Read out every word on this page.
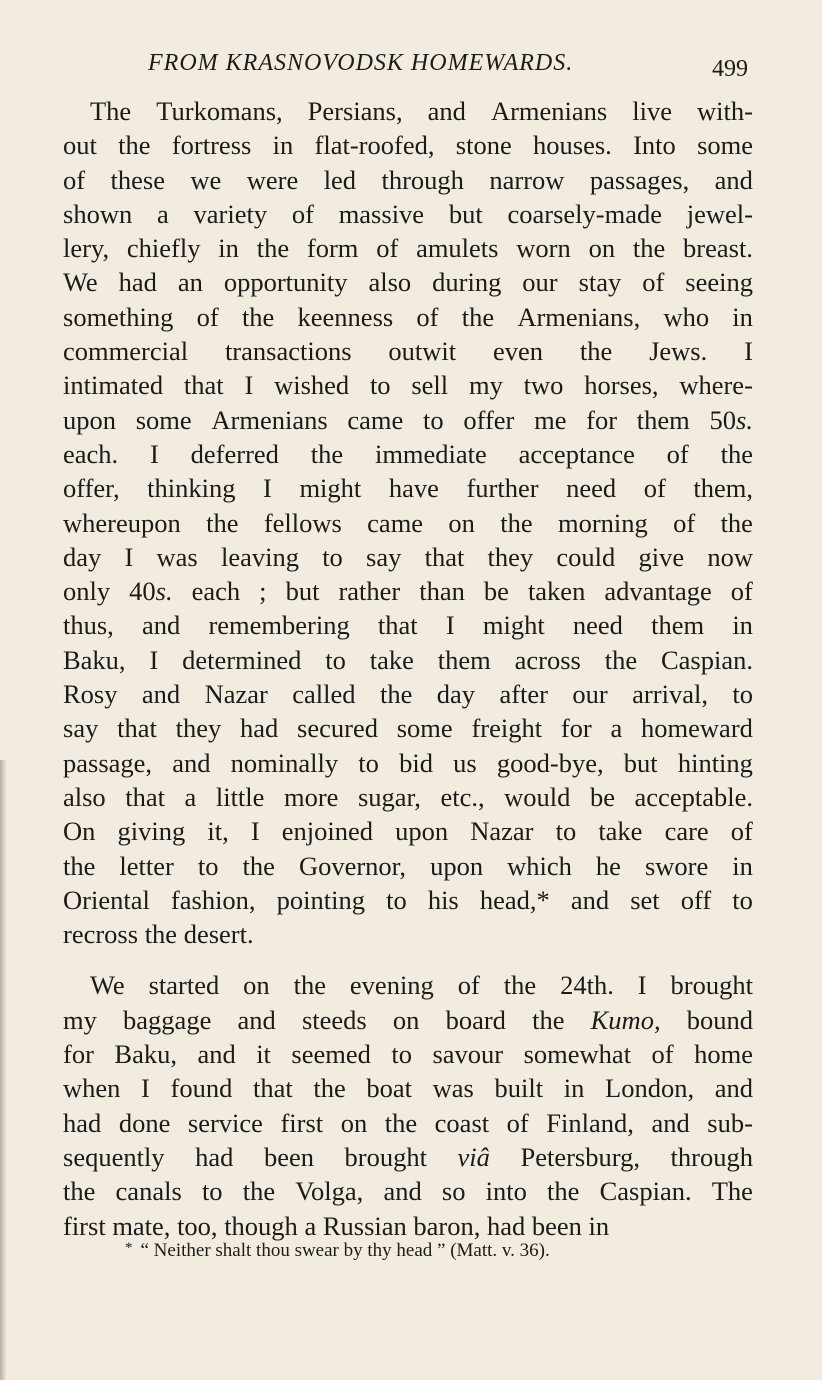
FROM KRASNOVODSK HOMEWARDS.	499
The Turkomans, Persians, and Armenians live with-
out the fortress in flat-roofed, stone houses. Into some
of these we were led through narrow passages, and
shown a variety of massive but coarsely-made jewel-
lery, chiefly in the form of amulets worn on the breast.
We had an opportunity also during our stay of seeing
something of the keenness of the Armenians, who in
commercial transactions outwit even the Jews. I
intimated that I wished to sell my two horses, where-
upon some Armenians came to offer me for them 50s.
each. I deferred the immediate acceptance of the
offer, thinking I might have further need of them,
whereupon the fellows came on the morning of the
day I was leaving to say that they could give now
only 40s. each ; but rather than be taken advantage of
thus, and remembering that I might need them in
Baku, I determined to take them across the Caspian.
Rosy and Nazar called the day after our arrival, to
say that they had secured some freight for a homeward
passage, and nominally to bid us good-bye, but hinting
also that a little more sugar, etc., would be acceptable.
On giving it, I enjoined upon Nazar to take care of
the letter to the Governor, upon which he swore in
Oriental fashion, pointing to his head,* and set off to
recross
the
desert.
We started on the evening of the 24th. I brought
my baggage and steeds on board the Kumo, bound
for Baku, and it seemed to savour somewhat of home
when I found that the boat was built in London, and
had done service first on the coast of Finland, and sub-
sequently had been brought viâ Petersburg, through
the canals to the Volga, and so into the Caspian. The
first
mate,
too,
though
a
Russian
baron,
had
been
in
* “ Neither shalt thou swear by thy head ” (Matt. v. 36).
